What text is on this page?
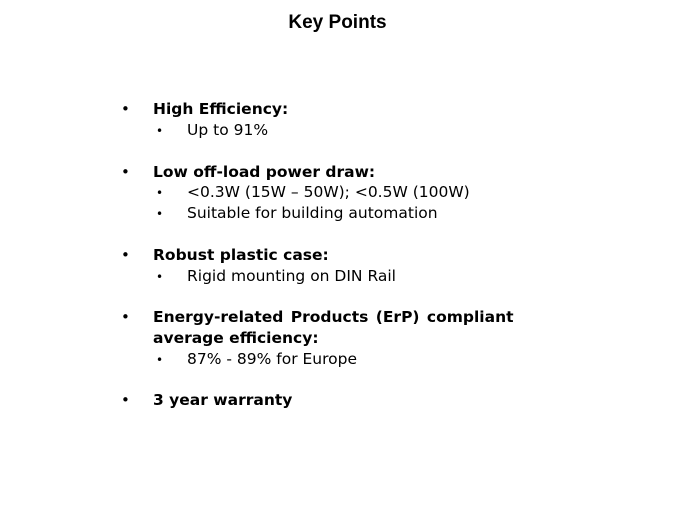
Key Points
• High Efficiency:
• Up to 91%
• Low off-load power draw:
• <0.3W (15W – 50W); <0.5W (100W)
• Suitable for building automation
• Robust plastic case:
• Rigid mounting on DIN Rail
• Energy-related Products (ErP) compliant
average efficiency:
• 87% - 89% for Europe
• 3 year warranty
